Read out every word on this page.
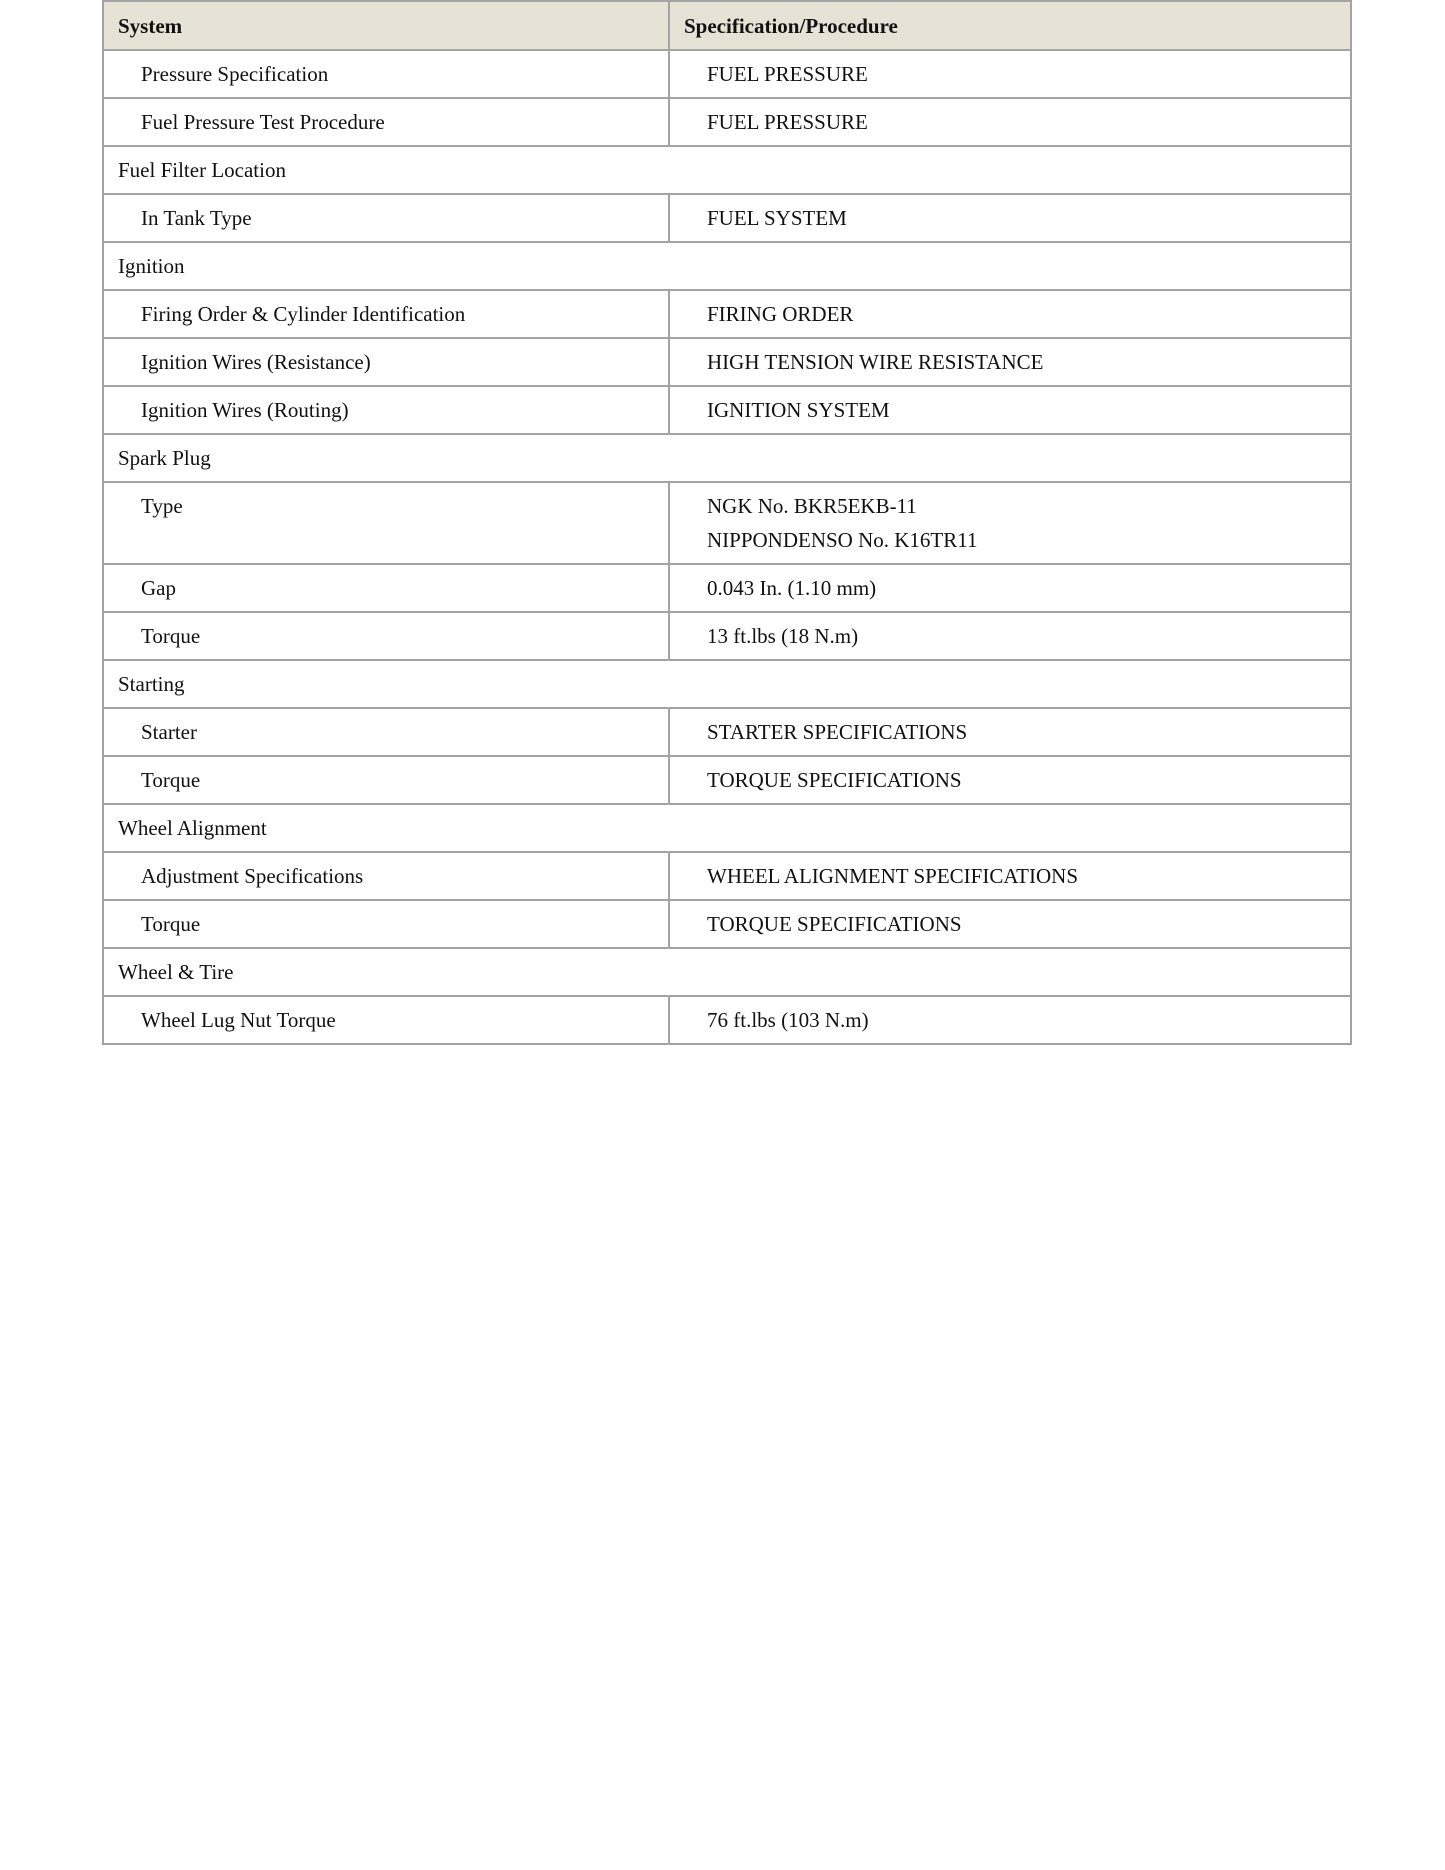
System	Specification/Procedure
Pressure Specification	FUEL PRESSURE

Fuel Pressure Test Procedure	FUEL PRESSURE

Fuel Filter Location	
In Tank Type	FUEL SYSTEM

Ignition	
Firing Order & Cylinder Identification	FIRING ORDER

Ignition Wires (Resistance)	HIGH TENSION WIRE RESISTANCE

Ignition Wires (Routing)	IGNITION SYSTEM

Spark Plug	
Type	NGK No. BKR5EKB-11
NIPPONDENSO No. K16TR11

Gap	0.043 In. (1.10 mm)

Torque	13 ft.lbs (18 N.m)

Starting	
Starter	STARTER SPECIFICATIONS

Torque	TORQUE SPECIFICATIONS

Wheel Alignment	
Adjustment Specifications	WHEEL ALIGNMENT SPECIFICATIONS

Torque	TORQUE SPECIFICATIONS

Wheel & Tire	
Wheel Lug Nut Torque	76 ft.lbs (103 N.m)
